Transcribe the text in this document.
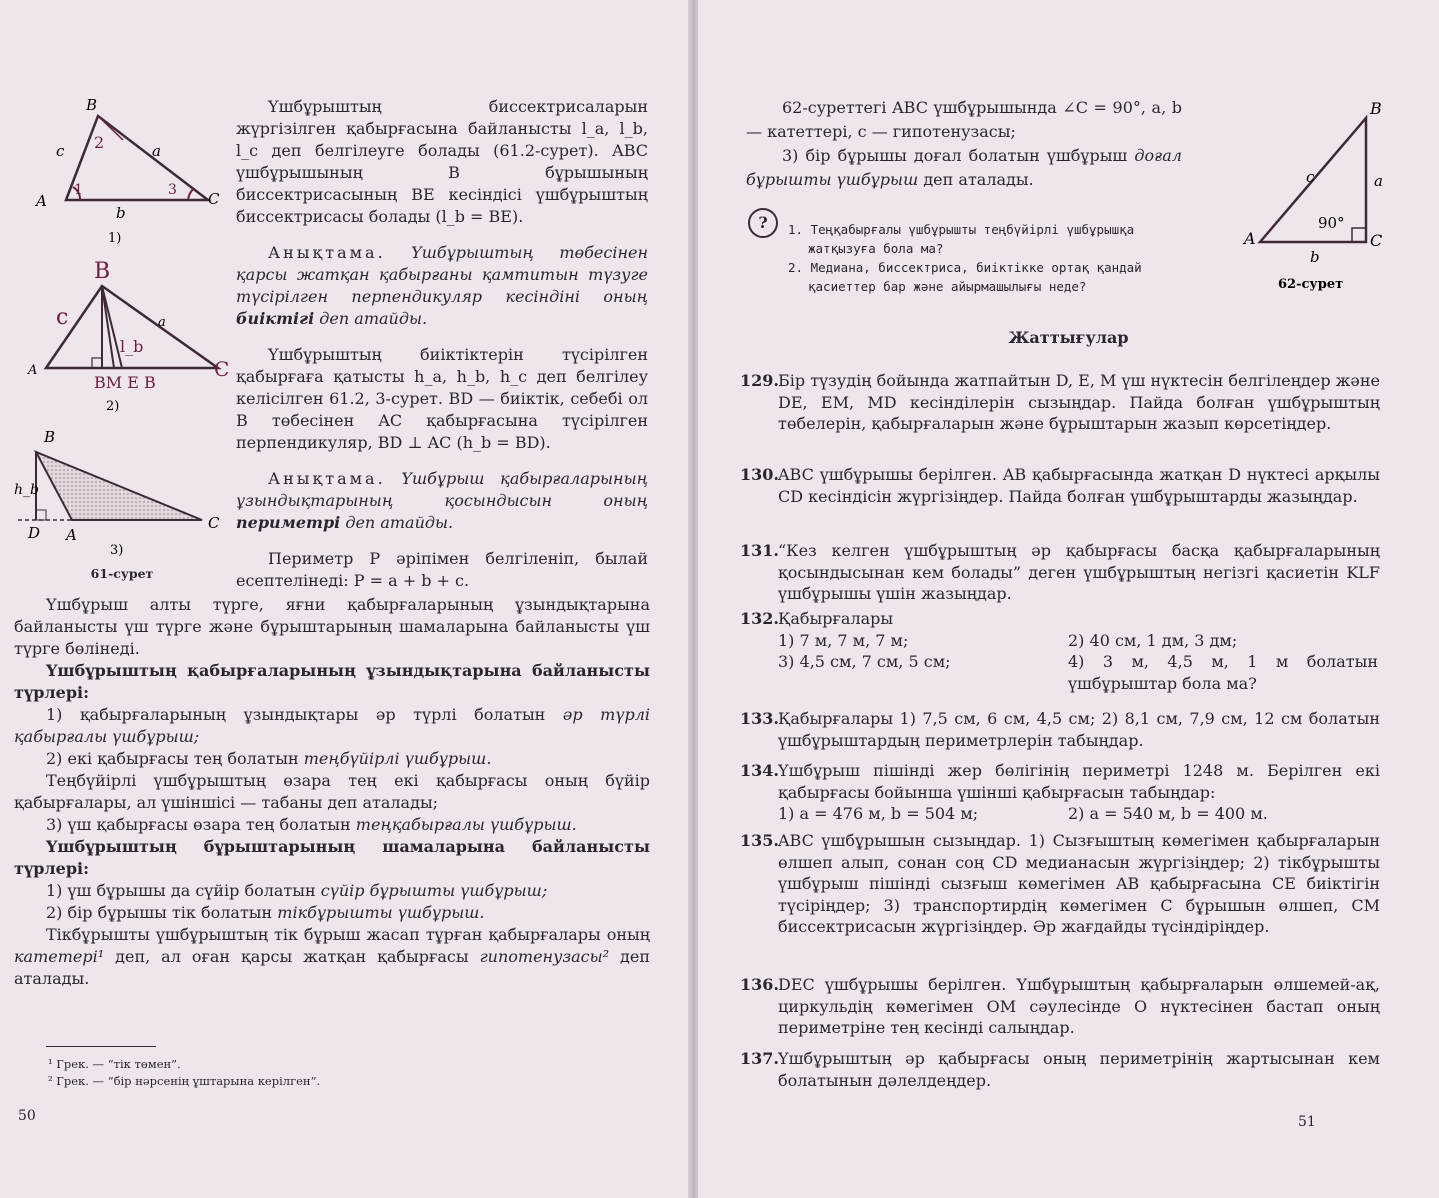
B
A	C
c	a
b
2
1	3
1)
B
A	C
c	a
l_b
BM E B
2)
B
h_b
D A
C
3)
61-сурет

Үшбұрыштың биссектрисаларын жүргізілген қабырғасына байланысты l_a, l_b, l_c деп белгілеуге болады (61.2-сурет). ABC үшбұрышының B бұрышының биссектрисасының BE кесіндісі үшбұрыштың биссектрисасы болады (l_b = BE).

Анықтама. Үшбұрыштың төбесінен қарсы жатқан қабырғаны қамтитын түзуге түсірілген перпендикуляр кесіндіні оның биіктігі деп атайды.

Үшбұрыштың биіктіктерін түсірілген қабырғаға қатысты h_a, h_b, h_c деп белгілеу келісілген 61.2, 3-сурет. BD — биіктік, себебі ол B төбесінен AC қабырғасына түсірілген перпендикуляр, BD ⊥ AC (h_b = BD).

Анықтама. Үшбұрыш қабырғаларының ұзындықтарының қосындысын оның периметрі деп атайды.

Периметр P әріпімен белгіленіп, былай есептелінеді: P = a + b + c.

Үшбұрыш алты түрге, яғни қабырғаларының ұзындықтарына байланысты үш түрге және бұрыштарының шамаларына байланысты үш түрге бөлінеді.

Үшбұрыштың қабырғаларының ұзындықтарына байланысты түрлері:

1) қабырғаларының ұзындықтары әр түрлі болатын әр түрлі қабырғалы үшбұрыш;

2) екі қабырғасы тең болатын теңбүйірлі үшбұрыш.

Теңбүйірлі үшбұрыштың өзара тең екі қабырғасы оның бүйір қабырғалары, ал үшіншісі — табаны деп аталады;

3) үш қабырғасы өзара тең болатын теңқабырғалы үшбұрыш.

Үшбұрыштың бұрыштарының шамаларына байланысты түрлері:

1) үш бұрышы да сүйір болатын сүйір бұрышты үшбұрыш;

2) бір бұрышы тік болатын тікбұрышты үшбұрыш.

Тікбұрышты үшбұрыштың тік бұрыш жасап тұрған қабырғалары оның катетері¹ деп, ал оған қарсы жатқан қабырғасы гипотенузасы² деп аталады.

¹ Грек. — “тік төмен”.

² Грек. — “бір нәрсенің ұштарына керілген”.

50

62-суреттегі ABC үшбұрышында ∠C = 90°, a, b — катеттері, c — гипотенузасы;

3) бір бұрышы доғал болатын үшбұрыш доғал бұрышты үшбұрыш деп аталады.

B
A	C
a
c
b
90°
62-сурет
?	1. Теңқабырғалы үшбұрышты теңбүйірлі үшбұрышқа жатқызуға бола ма?

2. Медиана, биссектриса, биіктікке ортақ қандай қасиеттер бар және айырмашылығы неде?

Жаттығулар
51
129. Бір түзудің бойында жатпайтын D, E, M үш нүктесін белгілеңдер және DE, EM, MD кесінділерін сызыңдар. Пайда болған үшбұрыштың төбелерін, қабырғаларын және бұрыштарын жазып көрсетіңдер.

130. ABC үшбұрышы берілген. AB қабырғасында жатқан D нүктесі арқылы CD кесіндісін жүргізіңдер. Пайда болған үшбұрыштарды жазыңдар.

131. “Кез келген үшбұрыштың әр қабырғасы басқа қабырғаларының қосындысынан кем болады” деген үшбұрыштың негізгі қасиетін KLF үшбұрышы үшін жазыңдар.

132. Қабырғалары

1) 7 м, 7 м, 7 м;	2) 40 см, 1 дм, 3 дм;
3) 4,5 см, 7 см, 5 см;	4) 3 м, 4,5 м, 1 м болатын үшбұрыштар бола ма?
133. Қабырғалары 1) 7,5 см, 6 см, 4,5 см; 2) 8,1 см, 7,9 см, 12 см болатын үшбұрыштардың периметрлерін табыңдар.

134. Үшбұрыш пішінді жер бөлігінің периметрі 1248 м. Берілген екі қабырғасы бойынша үшінші қабырғасын табыңдар:

1) a = 476 м, b = 504 м;	2) a = 540 м, b = 400 м.
135. ABC үшбұрышын сызыңдар. 1) Сызғыштың көмегімен қабырғаларын өлшеп алып, сонан соң CD медианасын жүргізіңдер; 2) тікбұрышты үшбұрыш пішінді сызғыш көмегімен AB қабырғасына CE биіктігін түсіріңдер; 3) транспортирдің көмегімен C бұрышын өлшеп, CM биссектрисасын жүргізіңдер. Әр жағдайды түсіндіріңдер.

136. DEC үшбұрышы берілген. Үшбұрыштың қабырғаларын өлшемей-ақ, циркульдің көмегімен OM сәулесінде O нүктесінен бастап оның периметріне тең кесінді салыңдар.

137. Үшбұрыштың әр қабырғасы оның периметрінің жартысынан кем болатынын дәлелдеңдер.
